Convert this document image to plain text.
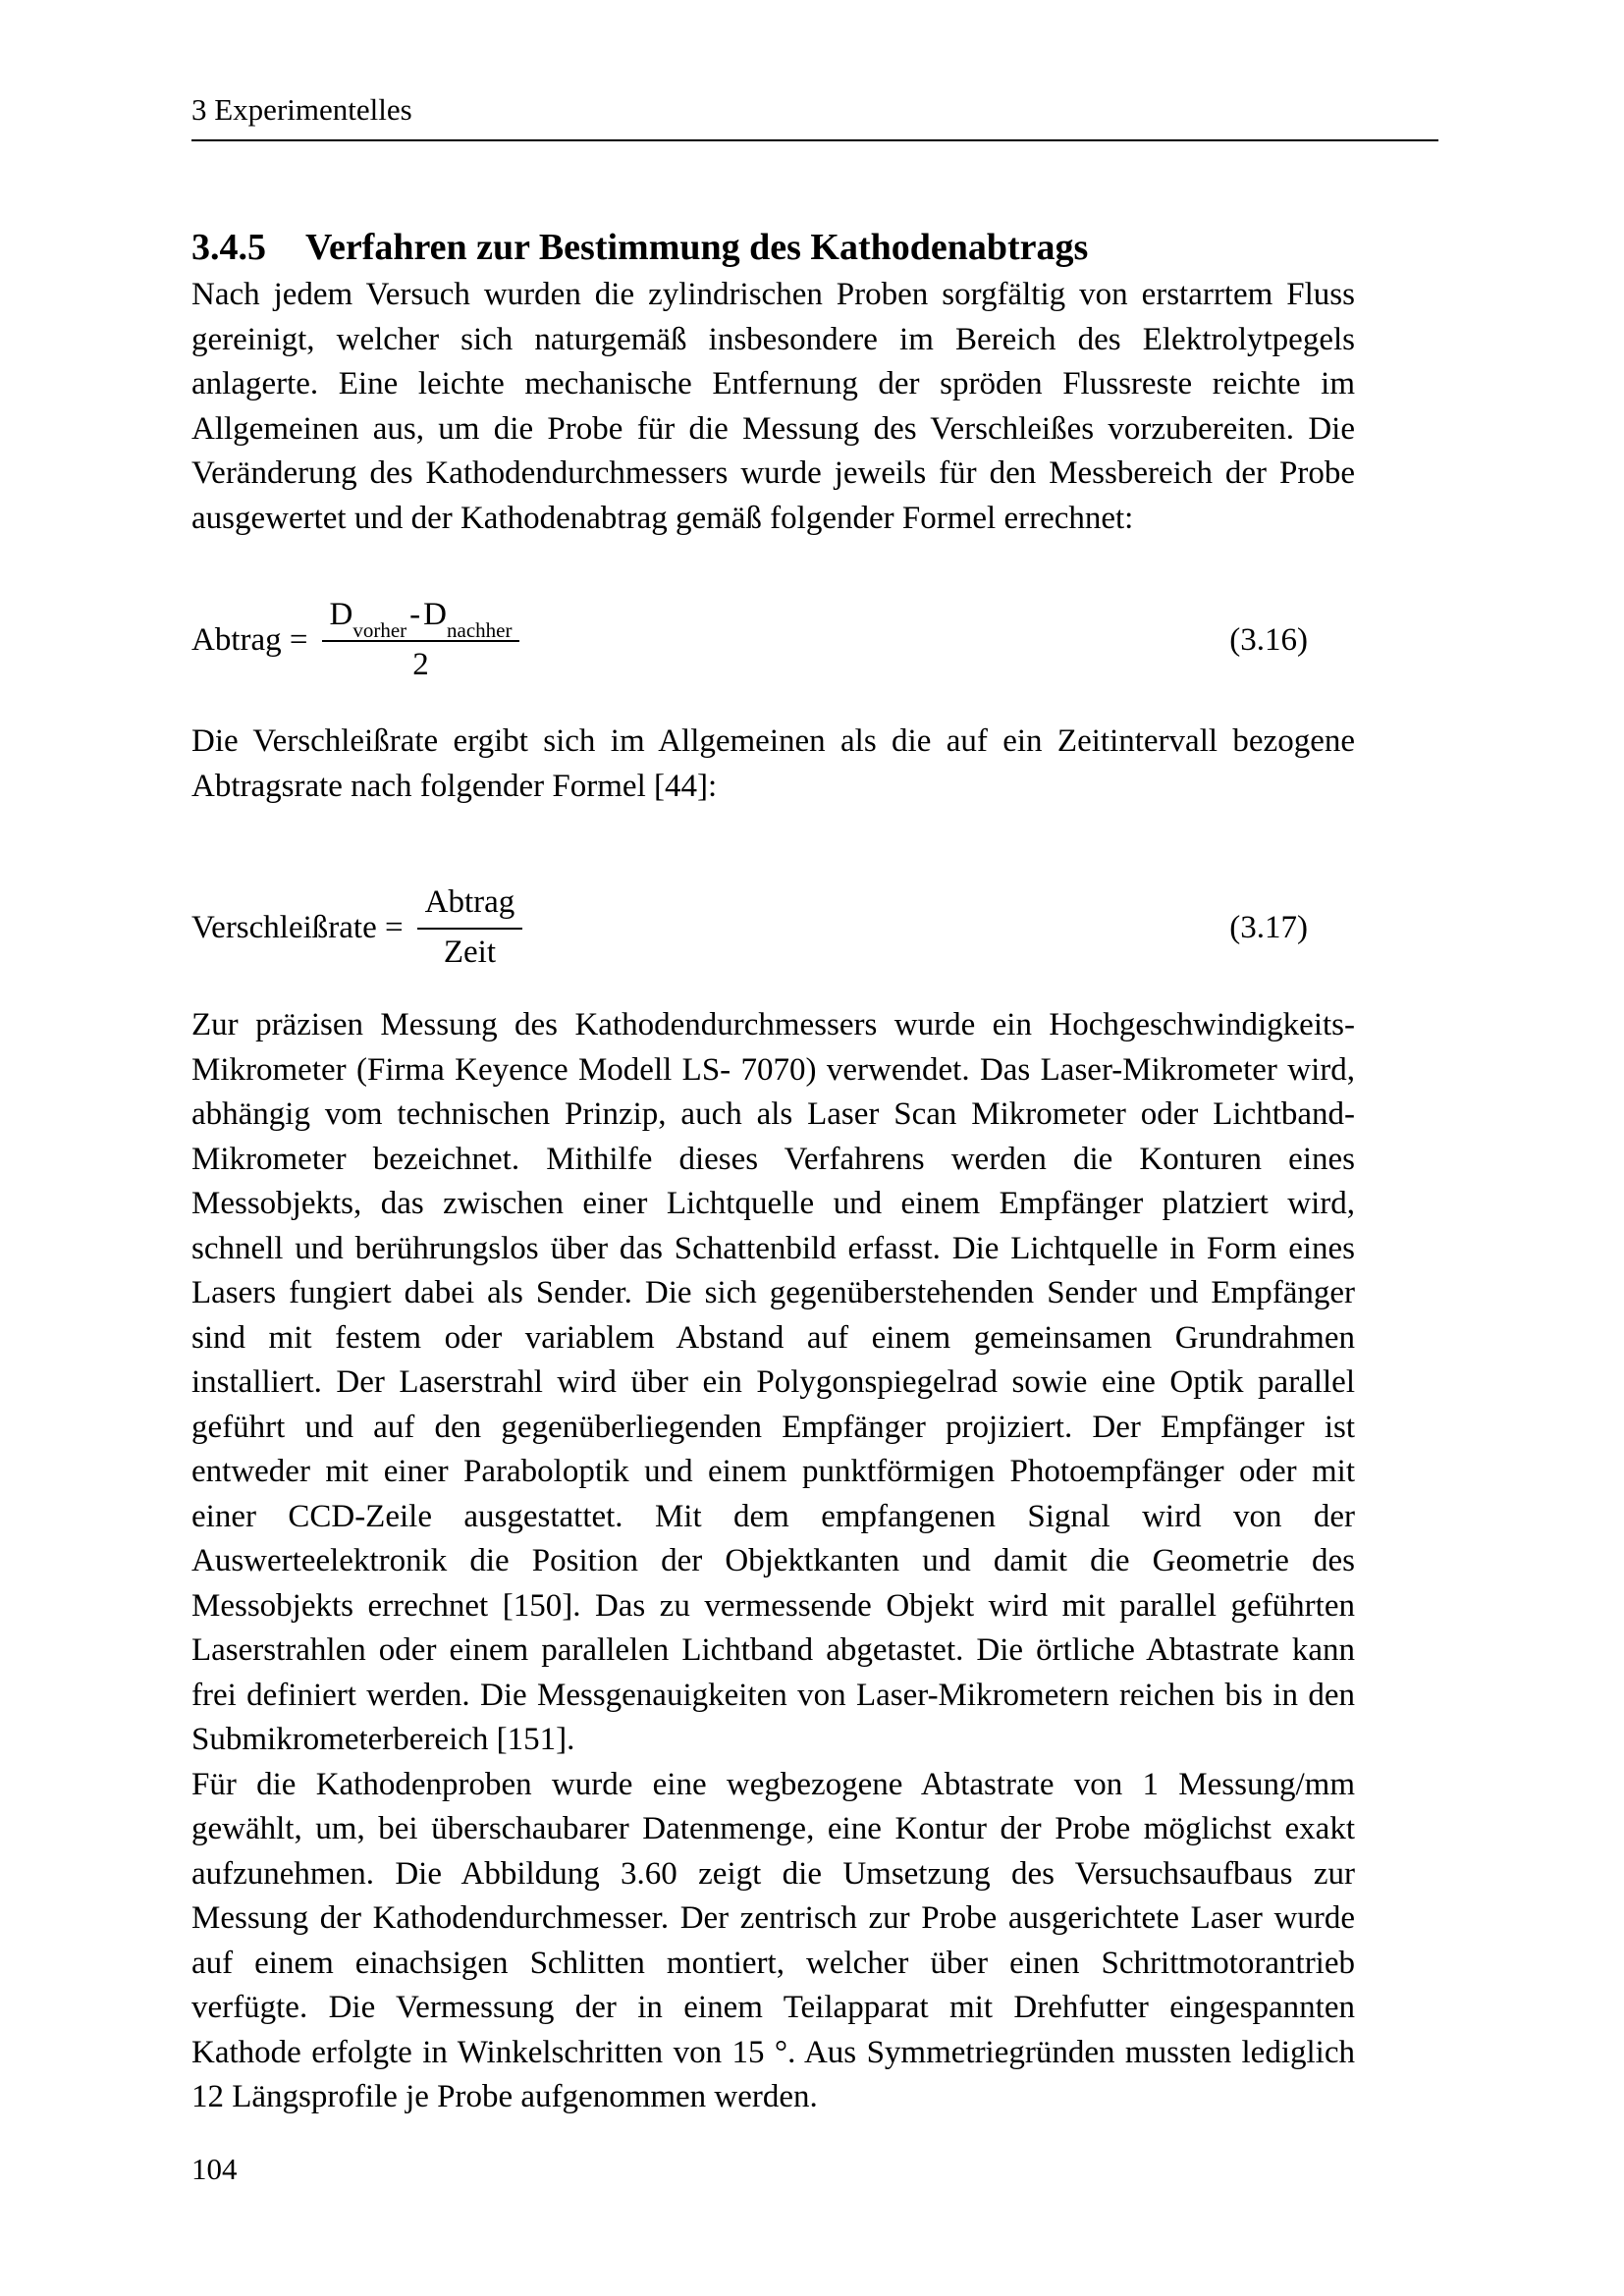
3 Experimentelles
3.4.5 Verfahren zur Bestimmung des Kathodenabtrags

Nach jedem Versuch wurden die zylindrischen Proben sorgfältig von erstarrtem Fluss gereinigt, welcher sich naturgemäß insbesondere im Bereich des Elektrolytpegels anlagerte. Eine leichte mechanische Entfernung der spröden Flussreste reichte im Allgemeinen aus, um die Probe für die Messung des Verschleißes vorzubereiten. Die Veränderung des Kathodendurchmessers wurde jeweils für den Messbereich der Probe ausgewertet und der Kathodenabtrag gemäß folgender Formel errechnet:

Abtrag = $\frac{D_{vorher}-D_{nachher}}{2}$	(3.16)

Die Verschleißrate ergibt sich im Allgemeinen als die auf ein Zeitintervall bezogene Abtragsrate nach folgender Formel [44]:

Verschleißrate = $\frac{\text{Abtrag}}{\text{Zeit}}$	(3.17)

Zur präzisen Messung des Kathodendurchmessers wurde ein Hochgeschwindigkeits-Mikrometer (Firma Keyence Modell LS- 7070) verwendet. Das Laser-Mikrometer wird, abhängig vom technischen Prinzip, auch als Laser Scan Mikrometer oder Lichtband-Mikrometer bezeichnet. Mithilfe dieses Verfahrens werden die Konturen eines Messobjekts, das zwischen einer Lichtquelle und einem Empfänger platziert wird, schnell und berührungslos über das Schattenbild erfasst. Die Lichtquelle in Form eines Lasers fungiert dabei als Sender. Die sich gegenüberstehenden Sender und Empfänger sind mit festem oder variablem Abstand auf einem gemeinsamen Grundrahmen installiert. Der Laserstrahl wird über ein Polygonspiegelrad sowie eine Optik parallel geführt und auf den gegenüberliegenden Empfänger projiziert. Der Empfänger ist entweder mit einer Paraboloptik und einem punktförmigen Photoempfänger oder mit einer CCD-Zeile ausgestattet. Mit dem empfangenen Signal wird von der Auswerteelektronik die Position der Objektkanten und damit die Geometrie des Messobjekts errechnet [150]. Das zu vermessende Objekt wird mit parallel geführten Laserstrahlen oder einem parallelen Lichtband abgetastet. Die örtliche Abtastrate kann frei definiert werden. Die Messgenauigkeiten von Laser-Mikrometern reichen bis in den Submikrometerbereich [151].

Für die Kathodenproben wurde eine wegbezogene Abtastrate von 1 Messung/mm gewählt, um, bei überschaubarer Datenmenge, eine Kontur der Probe möglichst exakt aufzunehmen. Die Abbildung 3.60 zeigt die Umsetzung des Versuchsaufbaus zur Messung der Kathodendurchmesser. Der zentrisch zur Probe ausgerichtete Laser wurde auf einem einachsigen Schlitten montiert, welcher über einen Schrittmotorantrieb verfügte. Die Vermessung der in einem Teilapparat mit Drehfutter eingespannten Kathode erfolgte in Winkelschritten von 15 °. Aus Symmetriegründen mussten lediglich 12 Längsprofile je Probe aufgenommen werden.

104
